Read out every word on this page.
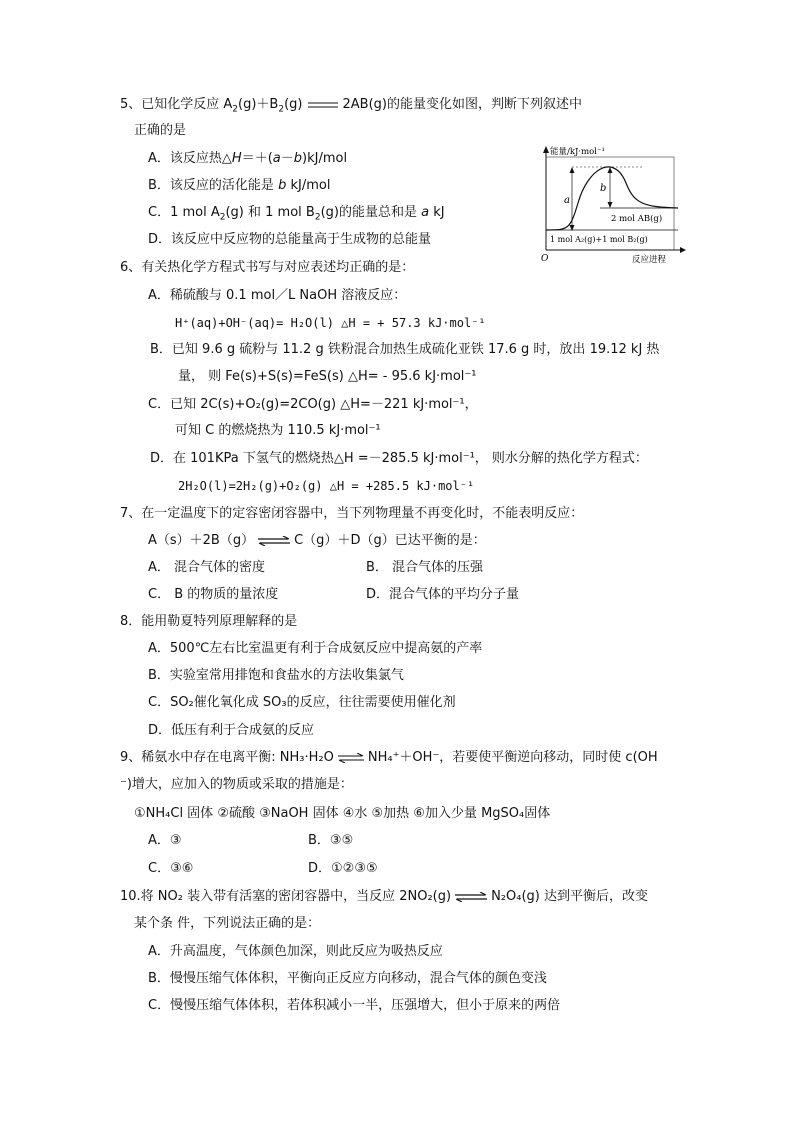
5、已知化学反应 $A_2(g)+B_2(g)$	2AB(g)的能量变化如图，判断下列叙述中
正确的是
A．该反应热△H＝＋(a－b)kJ/mol
B．该反应的活化能是 b kJ/mol
C．1 mol $A_2(g)$ 和 1 mol $B_2(g)$的能量总和是 a kJ
D．该反应中反应物的总能量高于生成物的总能量
能量/kJ·mol⁻¹
反应进程
O
a
b
2 mol AB(g)
1 mol A₂(g)+1 mol B₂(g)
6、有关热化学方程式书写与对应表述均正确的是：
A．稀硫酸与 0.1 mol／L NaOH 溶液反应：
H⁺(aq)+OH⁻(aq)= H₂O(l) △H = + 57.3 kJ·mol⁻¹
B．已知 9.6 g 硫粉与 11.2 g 铁粉混合加热生成硫化亚铁 17.6 g 时，放出 19.12 kJ 热
量， 则 Fe(s)+S(s)=FeS(s) △H= - 95.6 kJ·mol⁻¹
C．已知 2C(s)+O₂(g)=2CO(g) △H=－221 kJ·mol⁻¹，
可知 C 的燃烧热为 110.5 kJ·mol⁻¹
D．在 101KPa 下氢气的燃烧热△H =－285.5 kJ·mol⁻¹， 则水分解的热化学方程式：
2H₂O(l)=2H₂(g)+O₂(g) △H = +285.5 kJ·mol⁻¹
7、在一定温度下的定容密闭容器中，当下列物理量不再变化时，不能表明反应：
A（s）＋2B（g） ⇌ C（g）＋D（g）已达平衡的是：
A． 混合气体的密度	B． 混合气体的压强
C． B 的物质的量浓度	D．混合气体的平均分子量
8．能用勒夏特列原理解释的是
A．500℃左右比室温更有利于合成氨反应中提高氨的产率
B．实验室常用排饱和食盐水的方法收集氯气
C．SO₂催化氧化成 SO₃的反应，往往需要使用催化剂
D．低压有利于合成氨的反应
9、稀氨水中存在电离平衡: NH₃·H₂O ⇌ NH₄⁺＋OH⁻，若要使平衡逆向移动，同时使 c(OH
⁻)增大，应加入的物质或采取的措施是：
①NH₄Cl 固体 ②硫酸 ③NaOH 固体 ④水 ⑤加热 ⑥加入少量 MgSO₄固体
A．③	B．③⑤
C．③⑥	D．①②③⑤
10.将 NO₂ 装入带有活塞的密闭容器中，当反应 2NO₂(g) ⇌ N₂O₄(g) 达到平衡后，改变
某个条 件，下列说法正确的是：
A．升高温度，气体颜色加深，则此反应为吸热反应
B．慢慢压缩气体体积，平衡向正反应方向移动，混合气体的颜色变浅
C．慢慢压缩气体体积，若体积减小一半，压强增大，但小于原来的两倍
